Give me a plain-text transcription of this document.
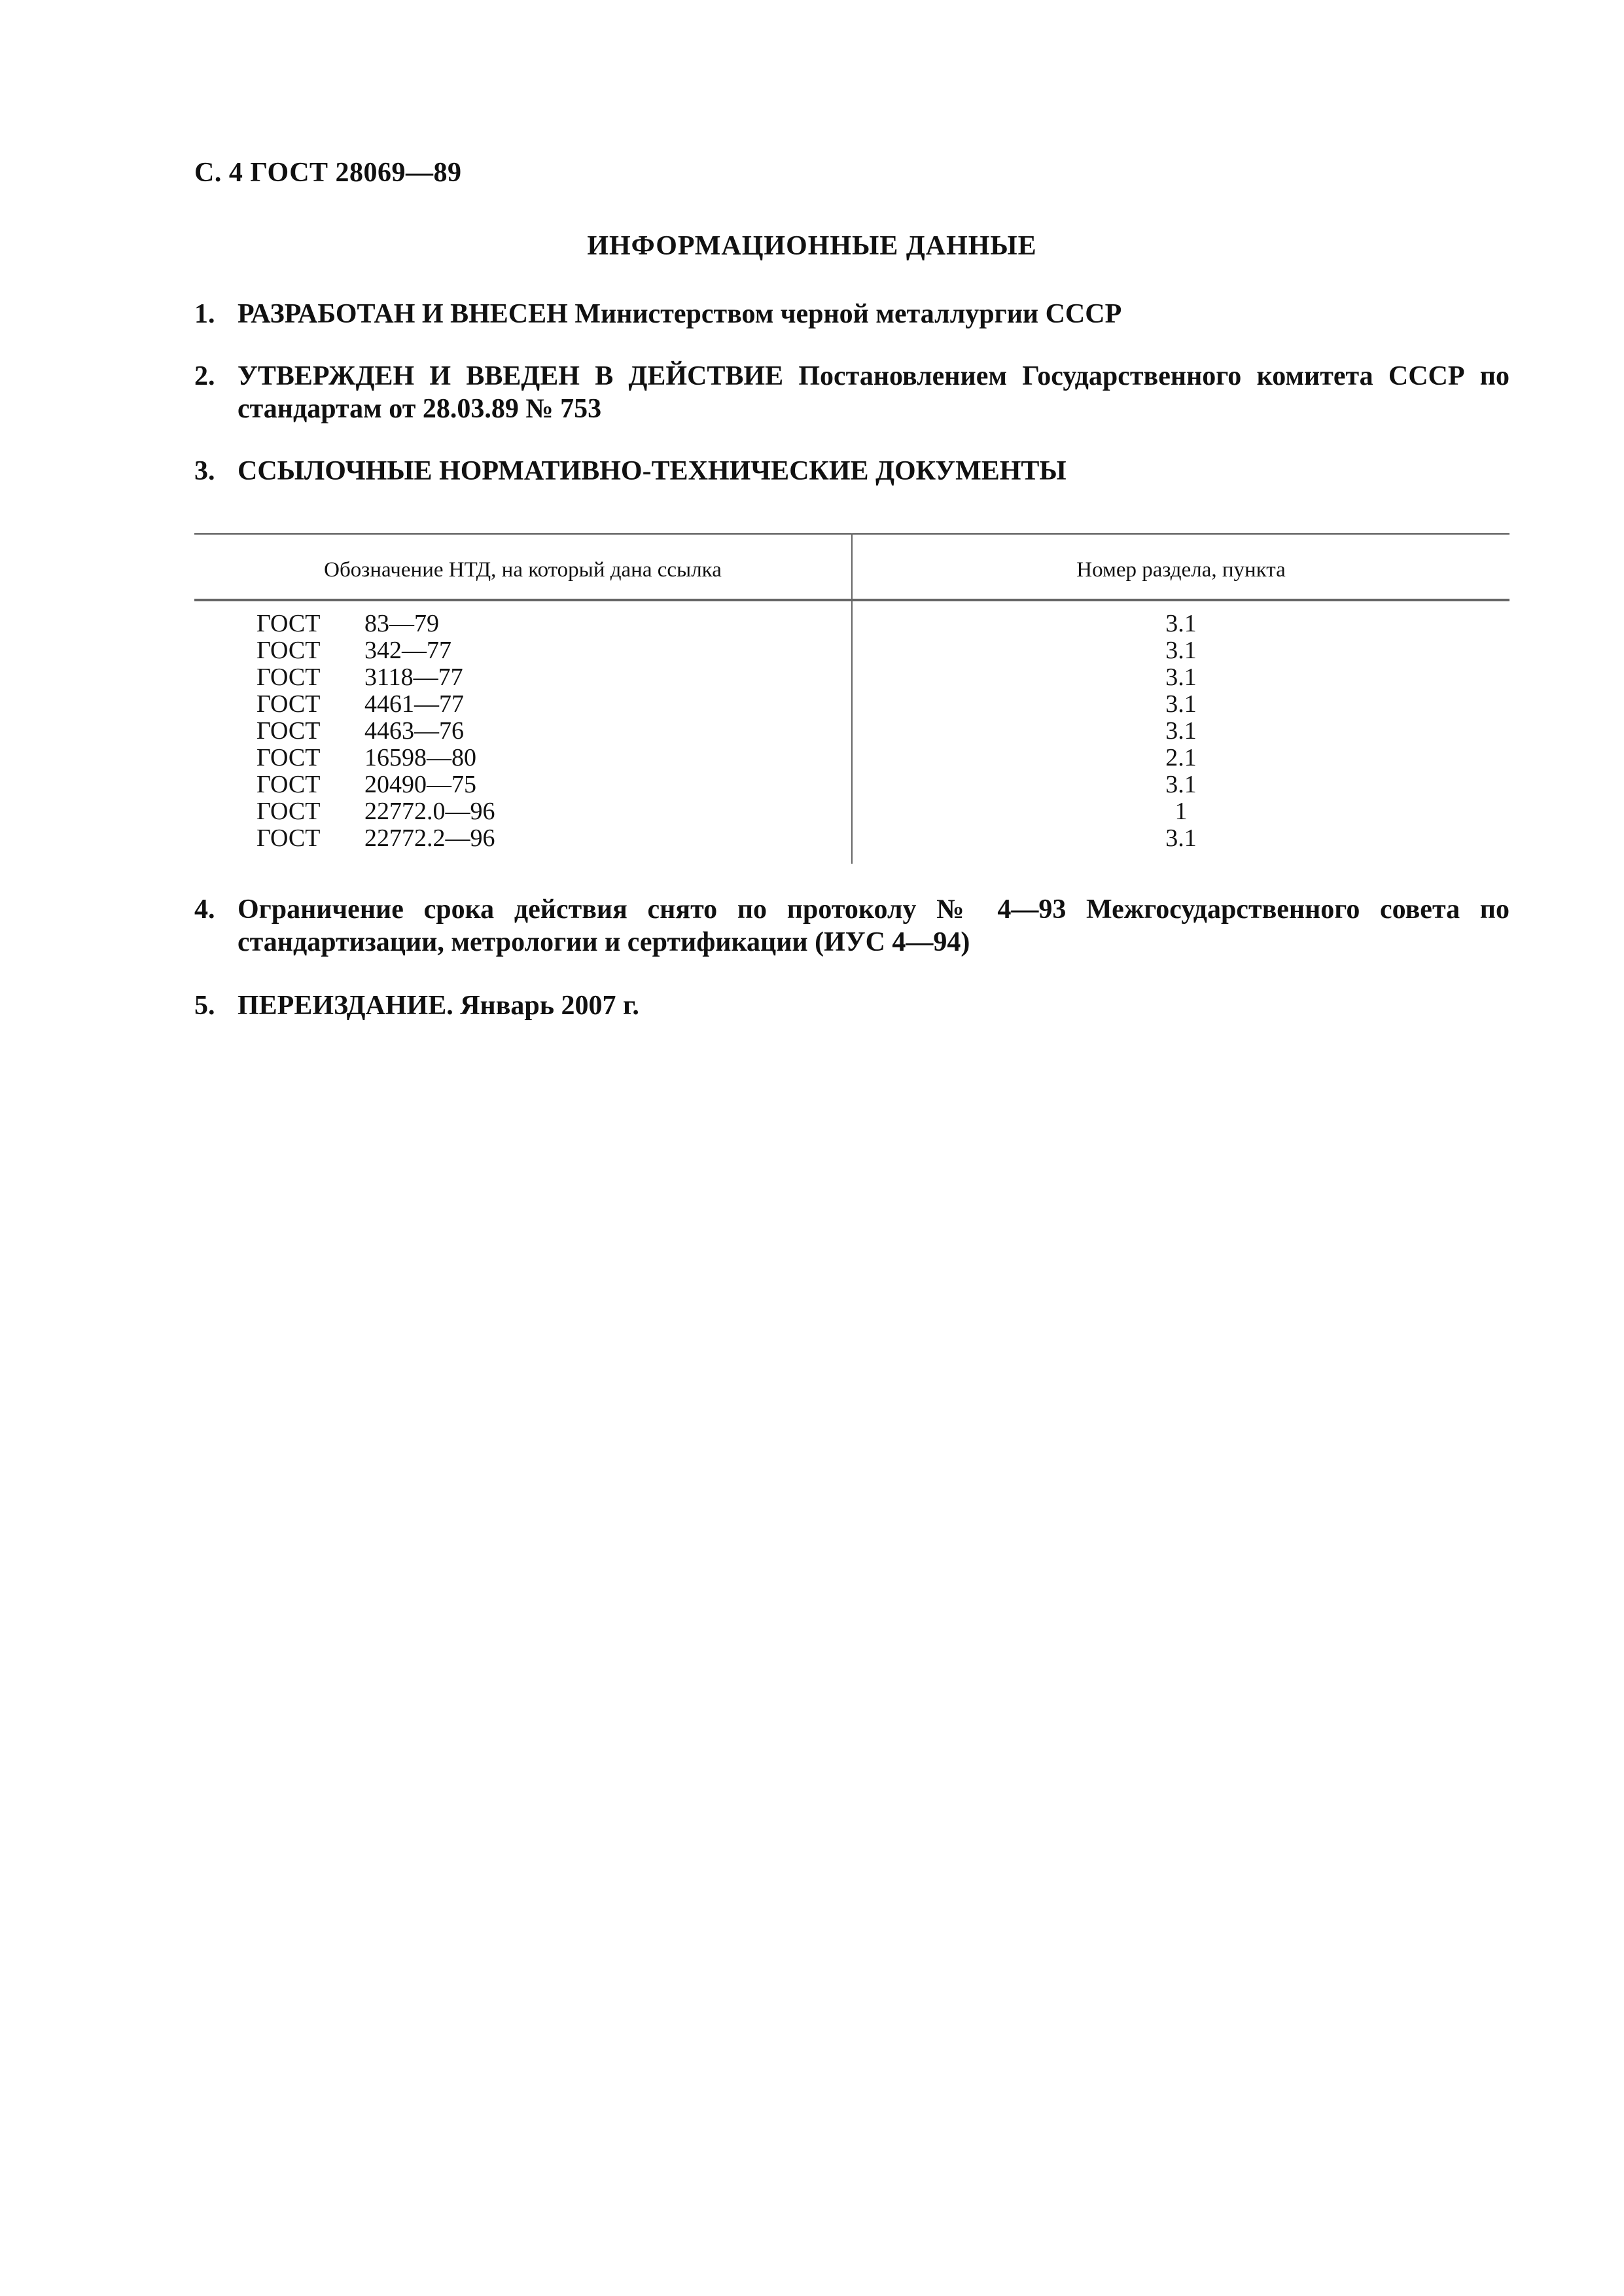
С. 4 ГОСТ 28069—89
ИНФОРМАЦИОННЫЕ ДАННЫЕ
1. РАЗРАБОТАН И ВНЕСЕН Министерством черной металлургии СССР
2. УТВЕРЖДЕН И ВВЕДЕН В ДЕЙСТВИЕ Постановлением Государственного комитета СССР по стандартам от 28.03.89 № 753
3. ССЫЛОЧНЫЕ НОРМАТИВНО-ТЕХНИЧЕСКИЕ ДОКУМЕНТЫ
Обозначение НТД, на который дана ссылка	Номер раздела, пункта
ГОСТ 83—79	3.1
ГОСТ 342—77	3.1
ГОСТ 3118—77	3.1
ГОСТ 4461—77	3.1
ГОСТ 4463—76	3.1
ГОСТ 16598—80	2.1
ГОСТ 20490—75	3.1
ГОСТ 22772.0—96	1
ГОСТ 22772.2—96	3.1
4. Ограничение срока действия снято по протоколу № 4—93 Межгосударственного совета по стандартизации, метрологии и сертификации (ИУС 4—94)
5. ПЕРЕИЗДАНИЕ. Январь 2007 г.
